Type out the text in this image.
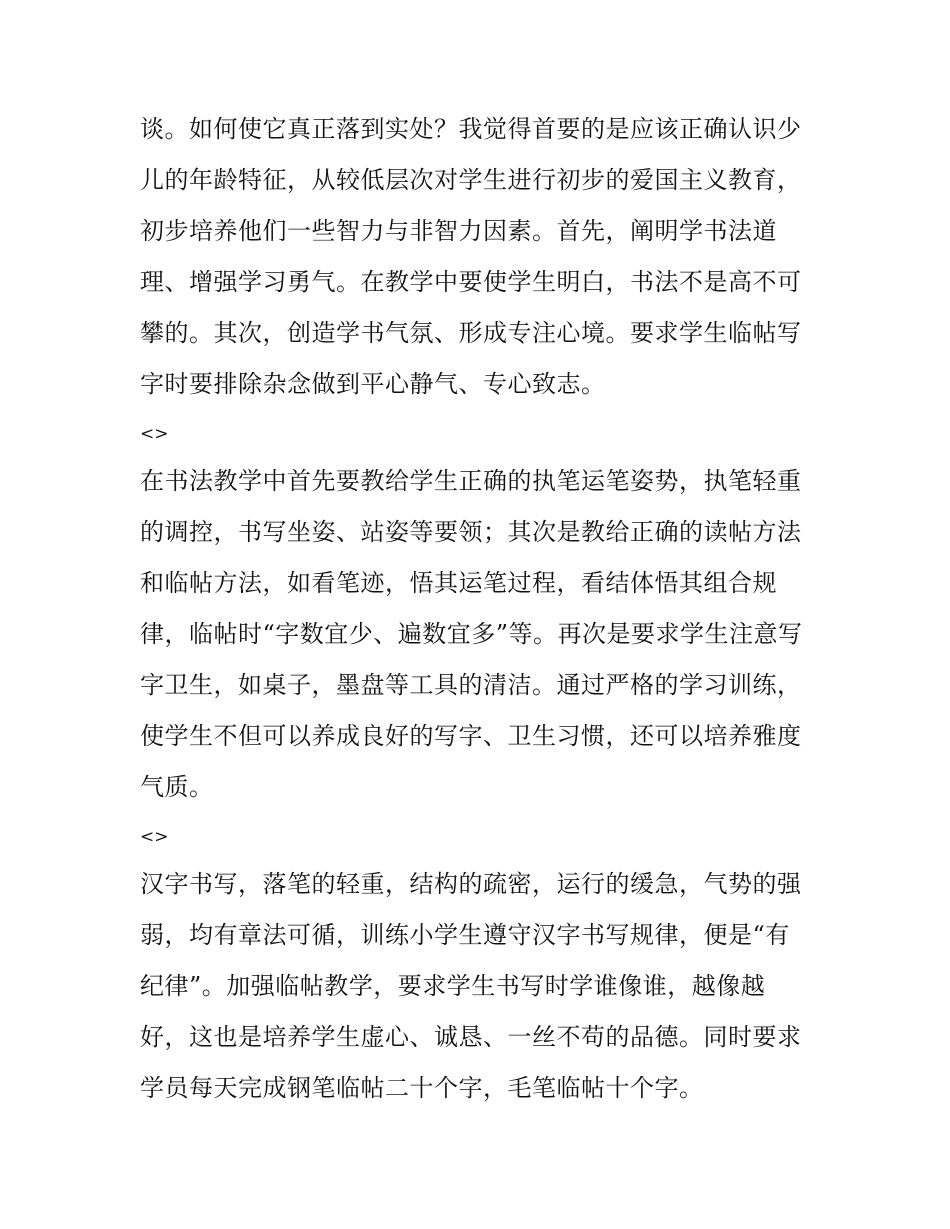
谈。如何使它真正落到实处？我觉得首要的是应该正确认识少
儿的年龄特征，从较低层次对学生进行初步的爱国主义教育，
初步培养他们一些智力与非智力因素。首先，阐明学书法道
理、增强学习勇气。在教学中要使学生明白，书法不是高不可
攀的。其次，创造学书气氛、形成专注心境。要求学生临帖写
字时要排除杂念做到平心静气、专心致志。
<>
在书法教学中首先要教给学生正确的执笔运笔姿势，执笔轻重
的调控，书写坐姿、站姿等要领；其次是教给正确的读帖方法
和临帖方法，如看笔迹，悟其运笔过程，看结体悟其组合规
律，临帖时“字数宜少、遍数宜多”等。再次是要求学生注意写
字卫生，如桌子，墨盘等工具的清洁。通过严格的学习训练，
使学生不但可以养成良好的写字、卫生习惯，还可以培养雅度
气质。
<>
汉字书写，落笔的轻重，结构的疏密，运行的缓急，气势的强
弱，均有章法可循，训练小学生遵守汉字书写规律，便是“有
纪律”。加强临帖教学，要求学生书写时学谁像谁，越像越
好，这也是培养学生虚心、诚恳、一丝不苟的品德。同时要求
学员每天完成钢笔临帖二十个字，毛笔临帖十个字。
